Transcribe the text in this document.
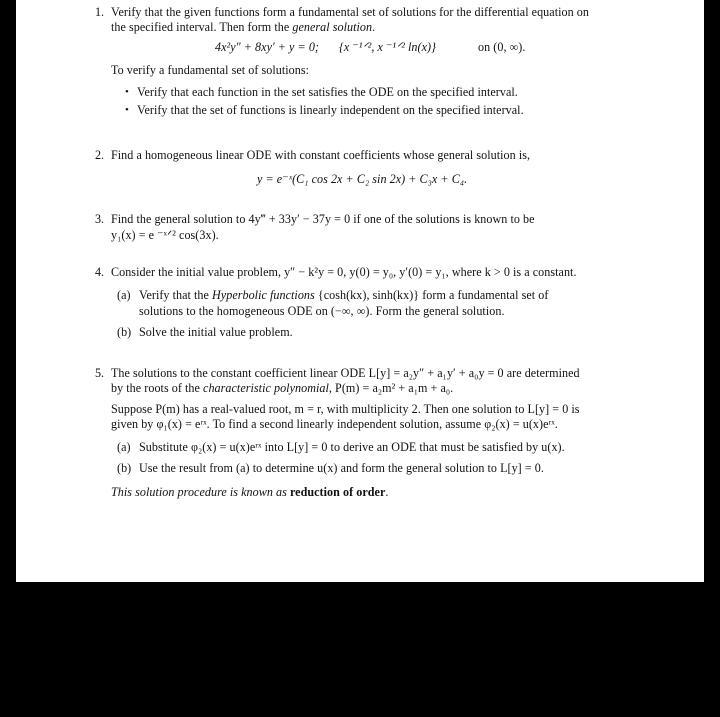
1. Verify that the given functions form a fundamental set of solutions for the differential equation on
the specified interval. Then form the general solution.
4x²y″ + 8xy′ + y = 0; {x ⁻¹ᐟ², x ⁻¹ᐟ² ln(x)}	on (0, ∞).
To verify a fundamental set of solutions:
• Verify that each function in the set satisfies the ODE on the specified interval.
• Verify that the set of functions is linearly independent on the specified interval.
2. Find a homogeneous linear ODE with constant coefficients whose general solution is,
y = e⁻ˣ(C₁ cos 2x + C₂ sin 2x) + C₃x + C₄.
3. Find the general solution to 4y‴ + 33y′ − 37y = 0 if one of the solutions is known to be
y₁(x) = e ⁻ˣᐟ² cos(3x).
4. Consider the initial value problem, y″ − k²y = 0, y(0) = y₀, y′(0) = y₁, where k > 0 is a constant.
(a) Verify that the Hyperbolic functions {cosh(kx), sinh(kx)} form a fundamental set of
solutions to the homogeneous ODE on (−∞, ∞). Form the general solution.
(b) Solve the initial value problem.
5. The solutions to the constant coefficient linear ODE L[y] = a₂y″ + a₁y′ + a₀y = 0 are determined
by the roots of the characteristic polynomial, P(m) = a₂m² + a₁m + a₀.
Suppose P(m) has a real-valued root, m = r, with multiplicity 2. Then one solution to L[y] = 0 is
given by φ₁(x) = eʳˣ. To find a second linearly independent solution, assume φ₂(x) = u(x)eʳˣ.
(a) Substitute φ₂(x) = u(x)eʳˣ into L[y] = 0 to derive an ODE that must be satisfied by u(x).
(b) Use the result from (a) to determine u(x) and form the general solution to L[y] = 0.
This solution procedure is known as reduction of order.
